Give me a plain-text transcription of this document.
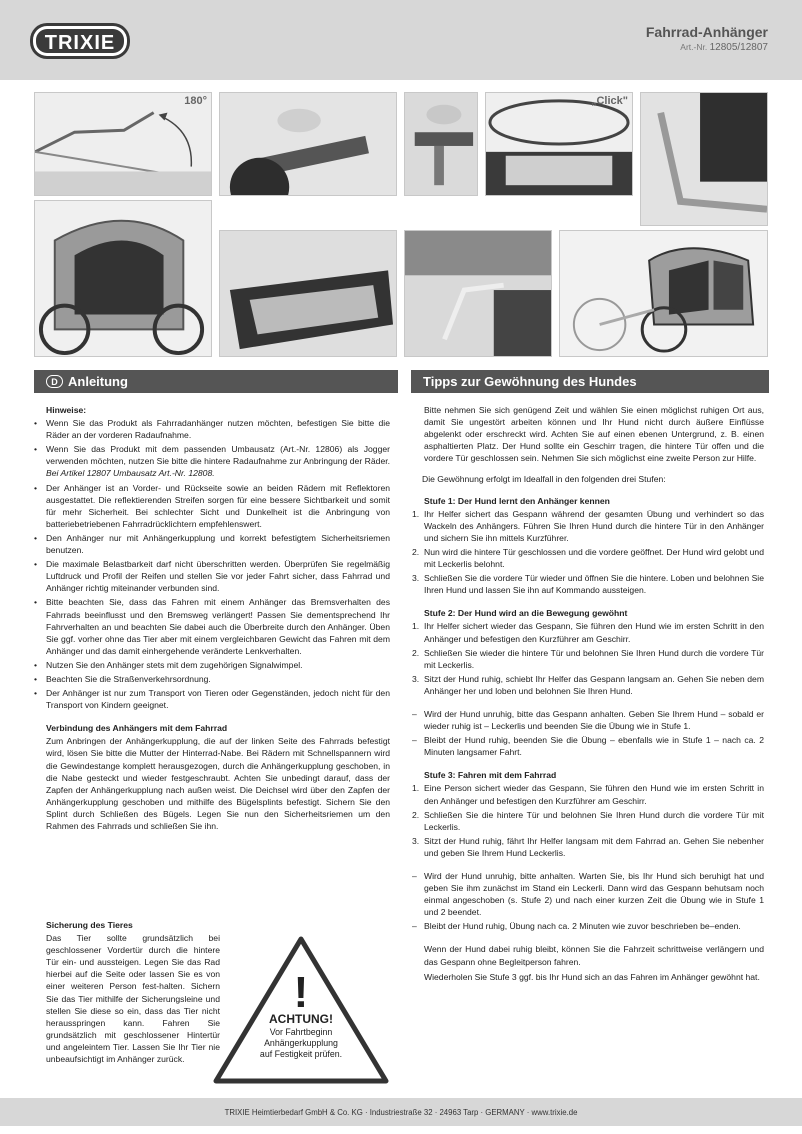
TRIXIE	Fahrrad-Anhänger
Art.-Nr. 12805/12807
180°	„Click"
D Anleitung	Tipps zur Gewöhnung des Hundes
Hinweise:
• Wenn Sie das Produkt als Fahrradanhänger nutzen möchten, befestigen Sie bitte die Räder an der vorderen Radaufnahme.
• Wenn Sie das Produkt mit dem passenden Umbausatz (Art.-Nr. 12806) als Jogger verwenden möchten, nutzen Sie bitte die hintere Radaufnahme zur Anbringung der Räder. Bei Artikel 12807 Umbausatz Art.-Nr. 12808.
• Der Anhänger ist an Vorder- und Rückseite sowie an beiden Rädern mit Reflektoren ausgestattet. Die reflektierenden Streifen sorgen für eine bessere Sichtbarkeit und somit für mehr Sicherheit. Bei schlechter Sicht und Dunkelheit ist die Anbringung von batteriebetriebenen Fahrradrücklichtern empfehlenswert.
• Den Anhänger nur mit Anhängerkupplung und korrekt befestigtem Sicherheitsriemen benutzen.
• Die maximale Belastbarkeit darf nicht überschritten werden. Überprüfen Sie regelmäßig Luftdruck und Profil der Reifen und stellen Sie vor jeder Fahrt sicher, dass Fahrrad und Anhänger richtig miteinander verbunden sind.
• Bitte beachten Sie, dass das Fahren mit einem Anhänger das Bremsverhalten des Fahrrads beeinflusst und den Bremsweg verlängert! Passen Sie dementsprechend Ihr Fahrverhalten an und beachten Sie dabei auch die Überbreite durch den Anhänger. Üben Sie ggf. vorher ohne das Tier aber mit einem vergleichbaren Gewicht das Fahren mit dem Anhänger und das damit einhergehende veränderte Lenkverhalten.
• Nutzen Sie den Anhänger stets mit dem zugehörigen Signalwimpel.
• Beachten Sie die Straßenverkehrsordnung.
• Der Anhänger ist nur zum Transport von Tieren oder Gegenständen, jedoch nicht für den Transport von Kindern geeignet.
Verbindung des Anhängers mit dem Fahrrad

Zum Anbringen der Anhängerkupplung, die auf der linken Seite des Fahrrads befestigt wird, lösen Sie bitte die Mutter der Hinterrad-Nabe. Bei Rädern mit Schnellspannern wird die Gewindestange komplett herausgezogen, durch die Anhängerkupplung geschoben, in die Nabe gesteckt und wieder festgeschraubt. Achten Sie unbedingt darauf, dass der Zapfen der Anhängerkupplung nach außen weist. Die Deichsel wird über den Zapfen der Anhängerkupplung geschoben und mithilfe des Bügelsplints befestigt. Sichern Sie den Splint durch Schließen des Bügels. Legen Sie nun den Sicherheitsriemen um den Rahmen des Fahrrads und schließen Sie ihn.

Sicherung des Tieres

Das Tier sollte grundsätzlich bei geschlossener Vordertür durch die hintere Tür ein- und aussteigen. Legen Sie das Rad hierbei auf die Seite oder lassen Sie es von einer weiteren Person fest-halten. Sichern Sie das Tier mithilfe der Sicherungsleine und stellen Sie diese so ein, dass das Tier nicht herausspringen kann. Fahren Sie grundsätzlich mit geschlossener Hintertür und angeleintem Tier. Lassen Sie Ihr Tier nie unbeaufsichtigt im Anhänger zurück.

!
ACHTUNG!
Vor Fahrtbeginn
Anhängerkupplung
auf Festigkeit prüfen.

Bitte nehmen Sie sich genügend Zeit und wählen Sie einen möglichst ruhigen Ort aus, damit Sie ungestört arbeiten können und Ihr Hund nicht durch äußere Einflüsse abgelenkt oder erschreckt wird. Achten Sie auf einen ebenen Untergrund, z. B. einen asphaltierten Platz. Der Hund sollte ein Geschirr tragen, die hintere Tür offen und die vordere Tür geschlossen sein. Nehmen Sie sich möglichst eine zweite Person zur Hilfe.

Die Gewöhnung erfolgt im Idealfall in den folgenden drei Stufen:

Stufe 1: Der Hund lernt den Anhänger kennen
1. Ihr Helfer sichert das Gespann während der gesamten Übung und verhindert so das Wackeln des Anhängers. Führen Sie Ihren Hund durch die hintere Tür in den Anhänger und sichern Sie ihn mittels Kurzführer.
2. Nun wird die hintere Tür geschlossen und die vordere geöffnet. Der Hund wird gelobt und mit Leckerlis belohnt.
3. Schließen Sie die vordere Tür wieder und öffnen Sie die hintere. Loben und belohnen Sie Ihren Hund und lassen Sie ihn auf Kommando aussteigen.
Stufe 2: Der Hund wird an die Bewegung gewöhnt
1. Ihr Helfer sichert wieder das Gespann, Sie führen den Hund wie im ersten Schritt in den Anhänger und befestigen den Kurzführer am Geschirr.
2. Schließen Sie wieder die hintere Tür und belohnen Sie Ihren Hund durch die vordere Tür mit Leckerlis.
3. Sitzt der Hund ruhig, schiebt Ihr Helfer das Gespann langsam an. Gehen Sie neben dem Anhänger her und loben und belohnen Sie Ihren Hund.
– Wird der Hund unruhig, bitte das Gespann anhalten. Geben Sie Ihrem Hund – sobald er wieder ruhig ist – Leckerlis und beenden Sie die Übung wie in Stufe 1.
– Bleibt der Hund ruhig, beenden Sie die Übung – ebenfalls wie in Stufe 1 – nach ca. 2 Minuten langsamer Fahrt.
Stufe 3: Fahren mit dem Fahrrad
1. Eine Person sichert wieder das Gespann, Sie führen den Hund wie im ersten Schritt in den Anhänger und befestigen den Kurzführer am Geschirr.
2. Schließen Sie die hintere Tür und belohnen Sie Ihren Hund durch die vordere Tür mit Leckerlis.
3. Sitzt der Hund ruhig, fährt Ihr Helfer langsam mit dem Fahrrad an. Gehen Sie nebenher und geben Sie Ihrem Hund Leckerlis.
– Wird der Hund unruhig, bitte anhalten. Warten Sie, bis Ihr Hund sich beruhigt hat und geben Sie ihm zunächst im Stand ein Leckerli. Dann wird das Gespann behutsam noch einmal angeschoben (s. Stufe 2) und nach einer kurzen Zeit die Übung wie in Stufe 1 und 2 beendet.
– Bleibt der Hund ruhig, Übung nach ca. 2 Minuten wie zuvor beschrieben be–enden.

Wenn der Hund dabei ruhig bleibt, können Sie die Fahrzeit schrittweise verlängern und das Gespann ohne Begleitperson fahren.

Wiederholen Sie Stufe 3 ggf. bis Ihr Hund sich an das Fahren im Anhänger gewöhnt hat.

TRIXIE Heimtierbedarf GmbH & Co. KG · Industriestraße 32 · 24963 Tarp · GERMANY · www.trixie.de
